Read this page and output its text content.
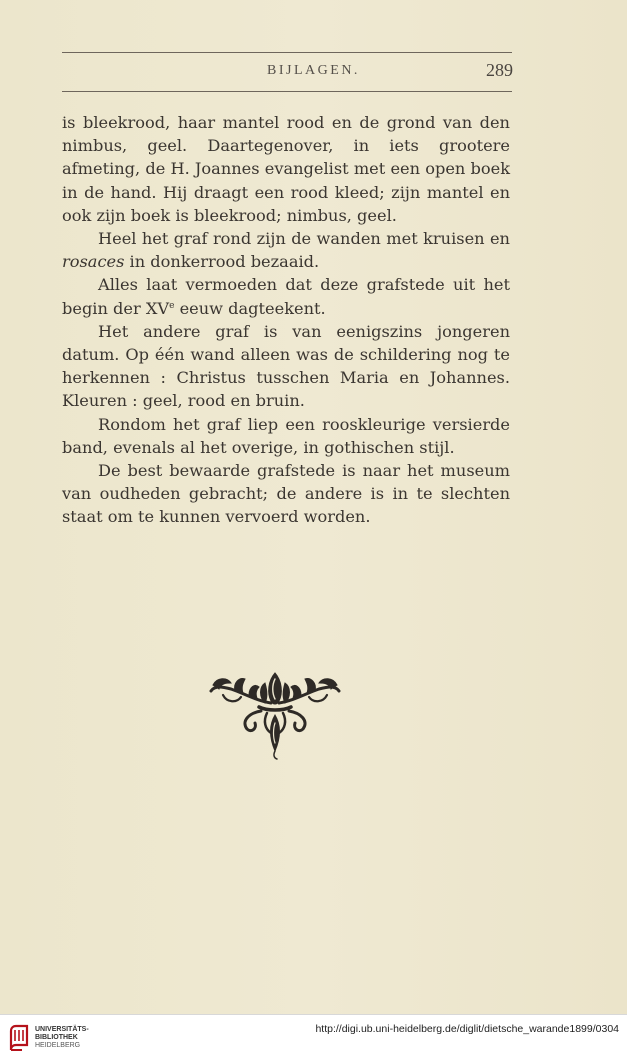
BIJLAGEN.	289

is bleekrood, haar mantel rood en de grond van den nimbus, geel. Daartegenover, in iets grootere afmeting, de H. Joannes evangelist met een open boek in de hand. Hij draagt een rood kleed; zijn mantel en ook zijn boek is bleekrood; nimbus, geel.

Heel het graf rond zijn de wanden met kruisen en rosaces in donkerrood bezaaid.

Alles laat vermoeden dat deze grafstede uit het begin der XVe eeuw dagteekent.

Het andere graf is van eenigszins jongeren datum. Op één wand alleen was de schildering nog te herkennen : Christus tusschen Maria en Johannes. Kleuren : geel, rood en bruin.

Rondom het graf liep een rooskleurige versierde band, evenals al het overige, in gothischen stijl.

De best bewaarde grafstede is naar het museum van oudheden gebracht; de andere is in te slechten staat om te kunnen vervoerd worden.

UNIVERSITÄTS-
BIBLIOTHEK
HEIDELBERG
http://digi.ub.uni-heidelberg.de/diglit/dietsche_warande1899/0304
